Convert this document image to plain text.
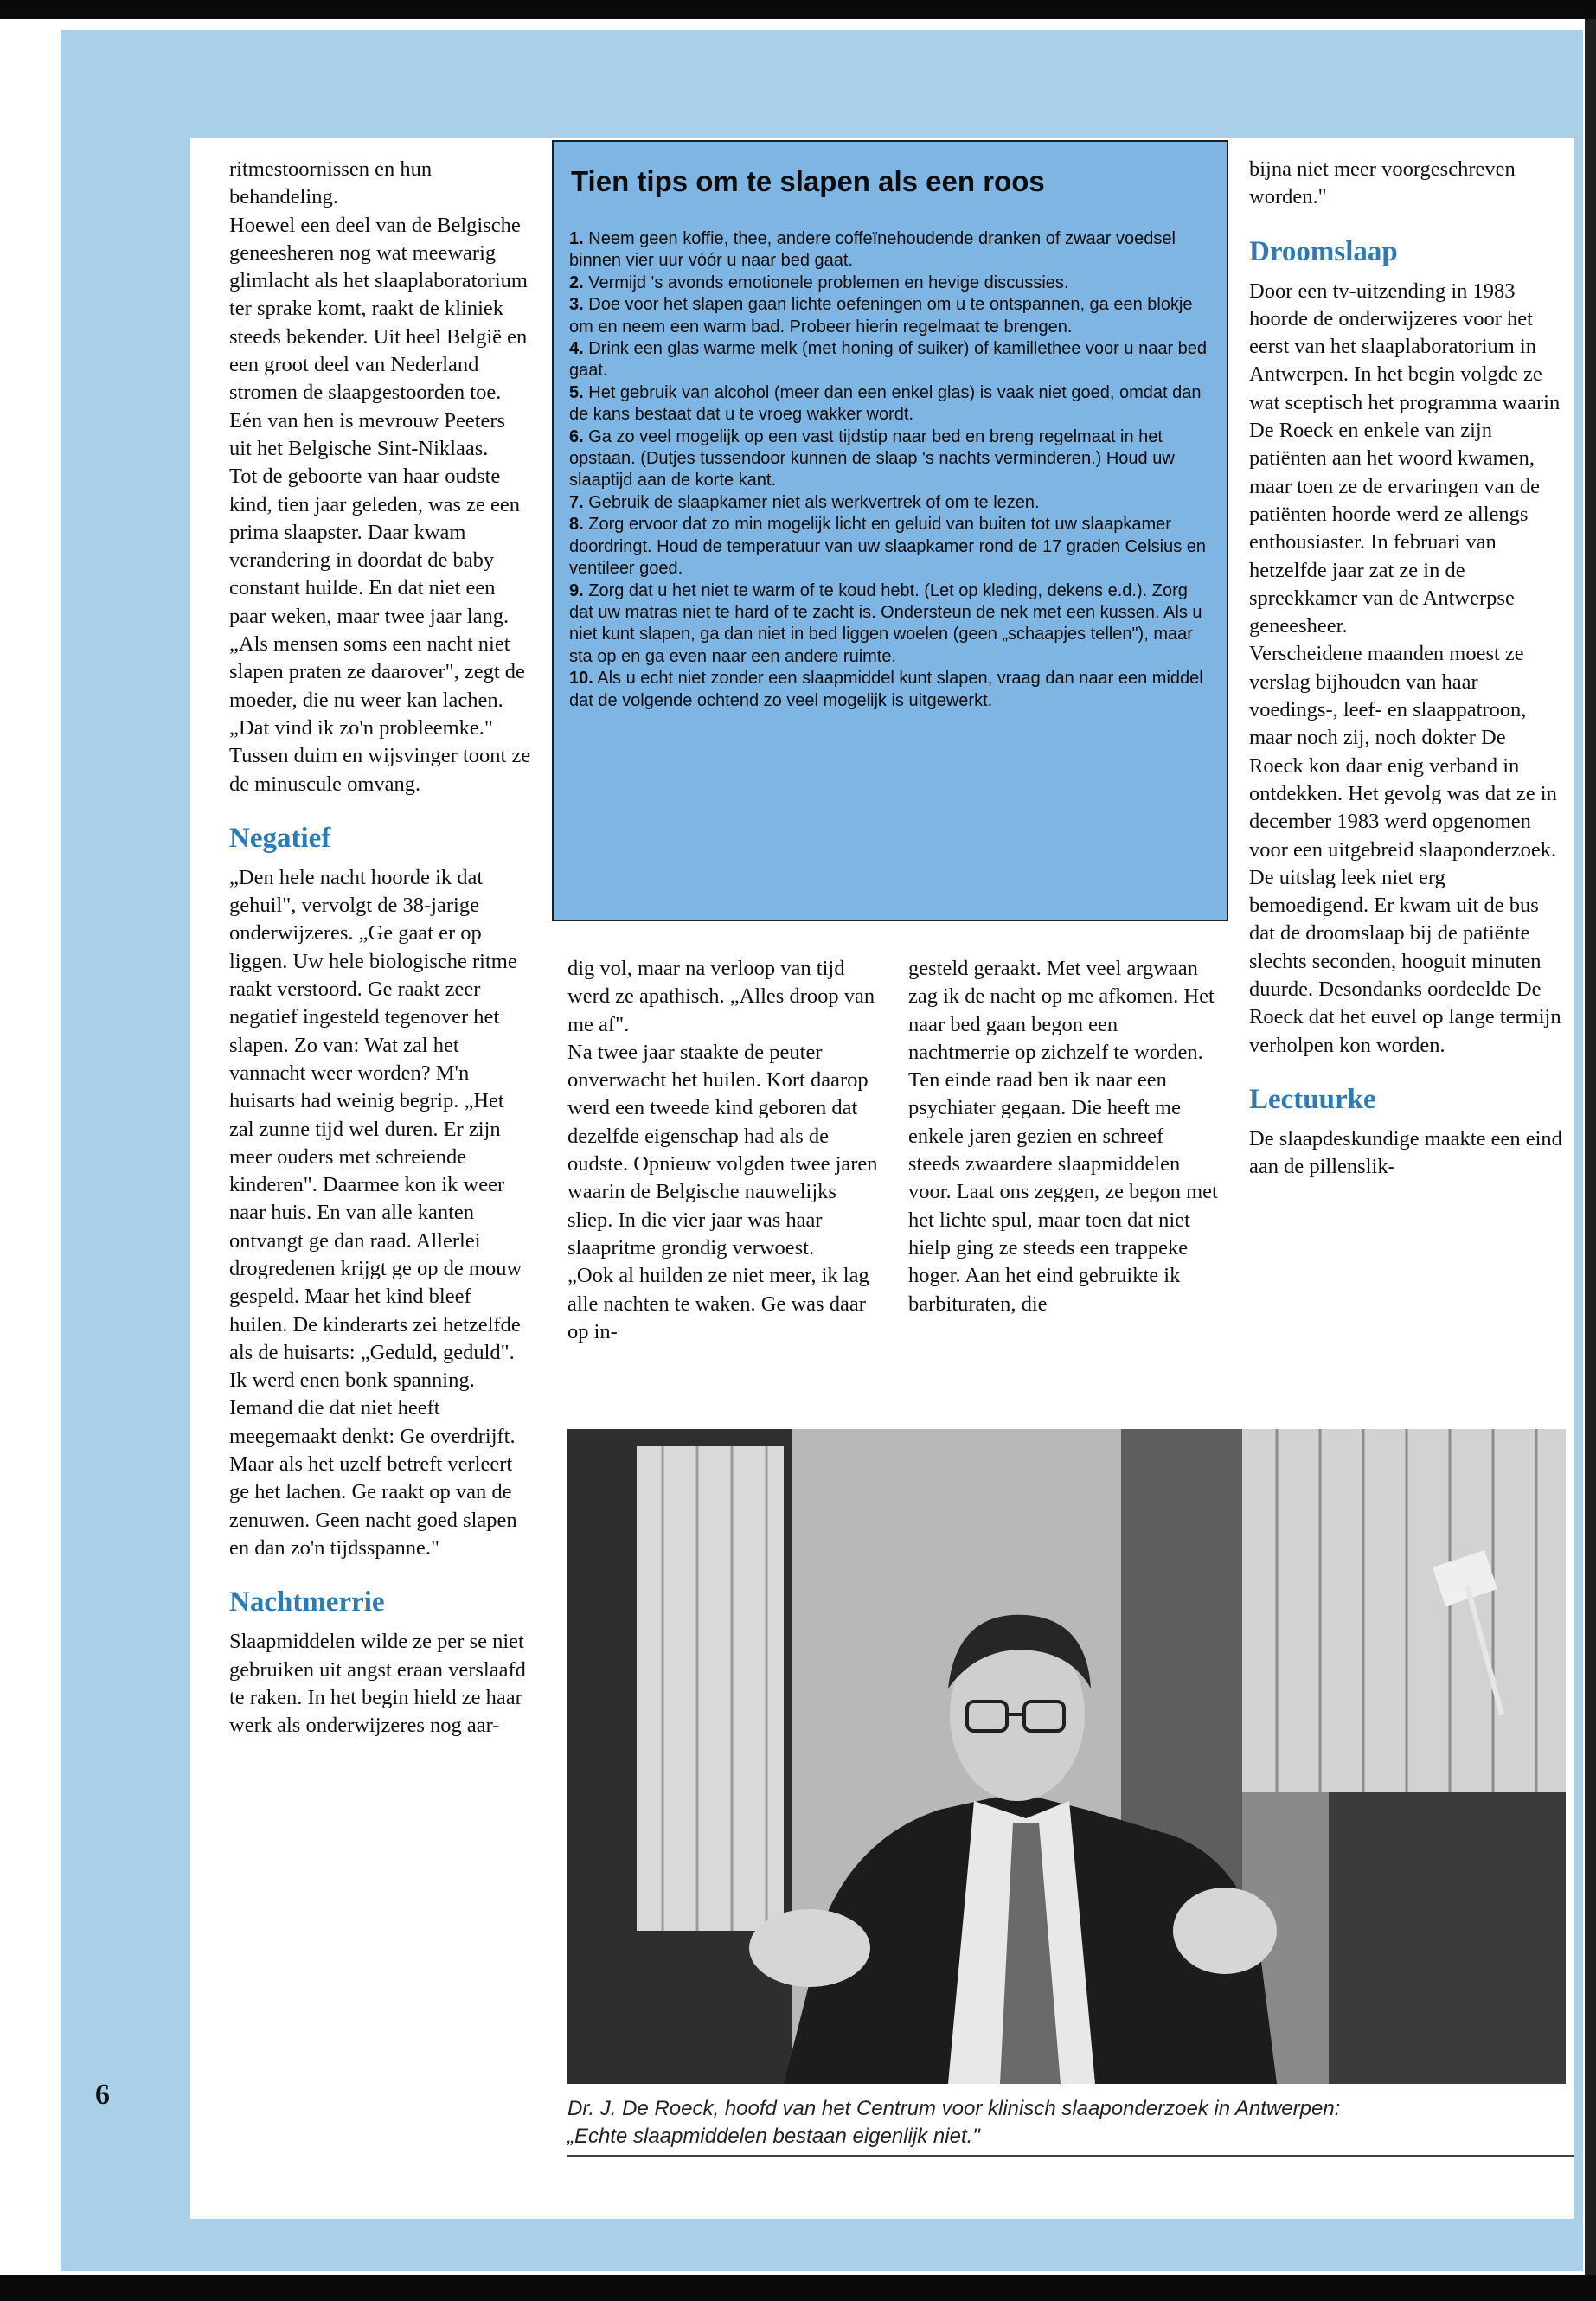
ritmestoornissen en hun behandeling.

Hoewel een deel van de Belgische geneesheren nog wat meewarig glimlacht als het slaaplaboratorium ter sprake komt, raakt de kliniek steeds bekender. Uit heel België en een groot deel van Nederland stromen de slaapgestoorden toe. Eén van hen is mevrouw Peeters uit het Belgische Sint-Niklaas.

Tot de geboorte van haar oudste kind, tien jaar geleden, was ze een prima slaapster. Daar kwam verandering in doordat de baby constant huilde. En dat niet een paar weken, maar twee jaar lang. „Als mensen soms een nacht niet slapen praten ze daarover", zegt de moeder, die nu weer kan lachen. „Dat vind ik zo'n probleemke." Tussen duim en wijsvinger toont ze de minuscule omvang.

Negatief

„Den hele nacht hoorde ik dat gehuil", vervolgt de 38-jarige onderwijzeres. „Ge gaat er op liggen. Uw hele biologische ritme raakt verstoord. Ge raakt zeer negatief ingesteld tegenover het slapen. Zo van: Wat zal het vannacht weer worden? M'n huisarts had weinig begrip. „Het zal zunne tijd wel duren. Er zijn meer ouders met schreiende kinderen". Daarmee kon ik weer naar huis. En van alle kanten ontvangt ge dan raad. Allerlei drogredenen krijgt ge op de mouw gespeld. Maar het kind bleef huilen. De kinderarts zei hetzelfde als de huisarts: „Geduld, geduld".

Ik werd enen bonk spanning. Iemand die dat niet heeft meegemaakt denkt: Ge overdrijft. Maar als het uzelf betreft verleert ge het lachen. Ge raakt op van de zenuwen. Geen nacht goed slapen en dan zo'n tijdsspanne."

Nachtmerrie

Slaapmiddelen wilde ze per se niet gebruiken uit angst eraan verslaafd te raken. In het begin hield ze haar werk als onderwijzeres nog aar-

Tien tips om te slapen als een roos

1. Neem geen koffie, thee, andere coffeïnehoudende dranken of zwaar voedsel binnen vier uur vóór u naar bed gaat.

2. Vermijd 's avonds emotionele problemen en hevige discussies.

3. Doe voor het slapen gaan lichte oefeningen om u te ontspannen, ga een blokje om en neem een warm bad. Probeer hierin regelmaat te brengen.

4. Drink een glas warme melk (met honing of suiker) of kamillethee voor u naar bed gaat.

5. Het gebruik van alcohol (meer dan een enkel glas) is vaak niet goed, omdat dan de kans bestaat dat u te vroeg wakker wordt.

6. Ga zo veel mogelijk op een vast tijdstip naar bed en breng regelmaat in het opstaan. (Dutjes tussendoor kunnen de slaap 's nachts verminderen.) Houd uw slaaptijd aan de korte kant.

7. Gebruik de slaapkamer niet als werkvertrek of om te lezen.

8. Zorg ervoor dat zo min mogelijk licht en geluid van buiten tot uw slaapkamer doordringt. Houd de temperatuur van uw slaapkamer rond de 17 graden Celsius en ventileer goed.

9. Zorg dat u het niet te warm of te koud hebt. (Let op kleding, dekens e.d.). Zorg dat uw matras niet te hard of te zacht is. Ondersteun de nek met een kussen. Als u niet kunt slapen, ga dan niet in bed liggen woelen (geen „schaapjes tellen"), maar sta op en ga even naar een andere ruimte.

10. Als u echt niet zonder een slaapmiddel kunt slapen, vraag dan naar een middel dat de volgende ochtend zo veel mogelijk is uitgewerkt.

dig vol, maar na verloop van tijd werd ze apathisch. „Alles droop van me af".

Na twee jaar staakte de peuter onverwacht het huilen. Kort daarop werd een tweede kind geboren dat dezelfde eigenschap had als de oudste. Opnieuw volgden twee jaren waarin de Belgische nauwelijks sliep. In die vier jaar was haar slaapritme grondig verwoest.

„Ook al huilden ze niet meer, ik lag alle nachten te waken. Ge was daar op in-

gesteld geraakt. Met veel argwaan zag ik de nacht op me afkomen. Het naar bed gaan begon een nachtmerrie op zichzelf te worden. Ten einde raad ben ik naar een psychiater gegaan. Die heeft me enkele jaren gezien en schreef steeds zwaardere slaapmiddelen voor. Laat ons zeggen, ze begon met het lichte spul, maar toen dat niet hielp ging ze steeds een trappeke hoger. Aan het eind gebruikte ik barbituraten, die

bijna niet meer voorgeschreven worden."

Droomslaap

Door een tv-uitzending in 1983 hoorde de onderwijzeres voor het eerst van het slaaplaboratorium in Antwerpen. In het begin volgde ze wat sceptisch het programma waarin De Roeck en enkele van zijn patiënten aan het woord kwamen, maar toen ze de ervaringen van de patiënten hoorde werd ze allengs enthousiaster. In februari van hetzelfde jaar zat ze in de spreekkamer van de Antwerpse geneesheer.

Verscheidene maanden moest ze verslag bijhouden van haar voedings-, leef- en slaappatroon, maar noch zij, noch dokter De Roeck kon daar enig verband in ontdekken. Het gevolg was dat ze in december 1983 werd opgenomen voor een uitgebreid slaaponderzoek. De uitslag leek niet erg bemoedigend. Er kwam uit de bus dat de droomslaap bij de patiënte slechts seconden, hooguit minuten duurde. Desondanks oordeelde De Roeck dat het euvel op lange termijn verholpen kon worden.

Lectuurke

De slaapdeskundige maakte een eind aan de pillenslik-

Dr. J. De Roeck, hoofd van het Centrum voor klinisch slaaponderzoek in Antwerpen:
„Echte slaapmiddelen bestaan eigenlijk niet."
6
